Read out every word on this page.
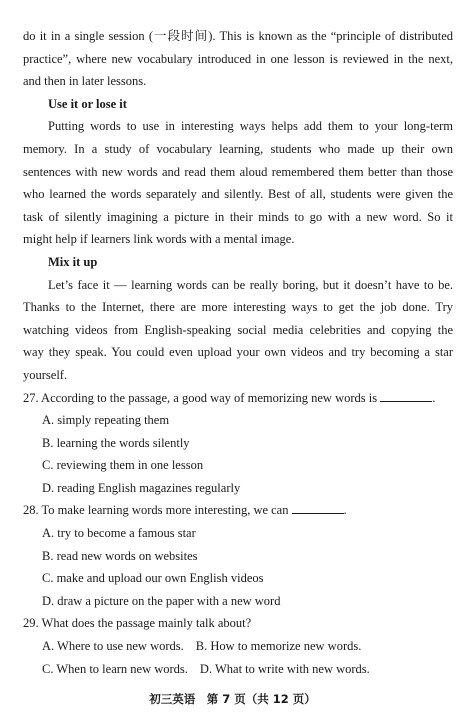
do it in a single session (一段时间). This is known as the “principle of distributed

practice”, where new vocabulary introduced in one lesson is reviewed in the next,

and then in later lessons.

Use it or lose it

Putting words to use in interesting ways helps add them to your long-term

memory. In a study of vocabulary learning, students who made up their own

sentences with new words and read them aloud remembered them better than those

who learned the words separately and silently. Best of all, students were given the

task of silently imagining a picture in their minds to go with a new word. So it

might help if learners link words with a mental image.

Mix it up

Let’s face it — learning words can be really boring, but it doesn’t have to be.

Thanks to the Internet, there are more interesting ways to get the job done. Try

watching videos from English-speaking social media celebrities and copying the

way they speak. You could even upload your own videos and try becoming a star

yourself.

27. According to the passage, a good way of memorizing new words is	.

A. simply repeating them

B. learning the words silently

C. reviewing them in one lesson

D. reading English magazines regularly

28. To make learning words more interesting, we can	.

A. try to become a famous star

B. read new words on websites

C. make and upload our own English videos

D. draw a picture on the paper with a new word

29. What does the passage mainly talk about?

A. Where to use new words. B. How to memorize new words.

C. When to learn new words. D. What to write with new words.

初三英语　第 7 页（共 12 页）
